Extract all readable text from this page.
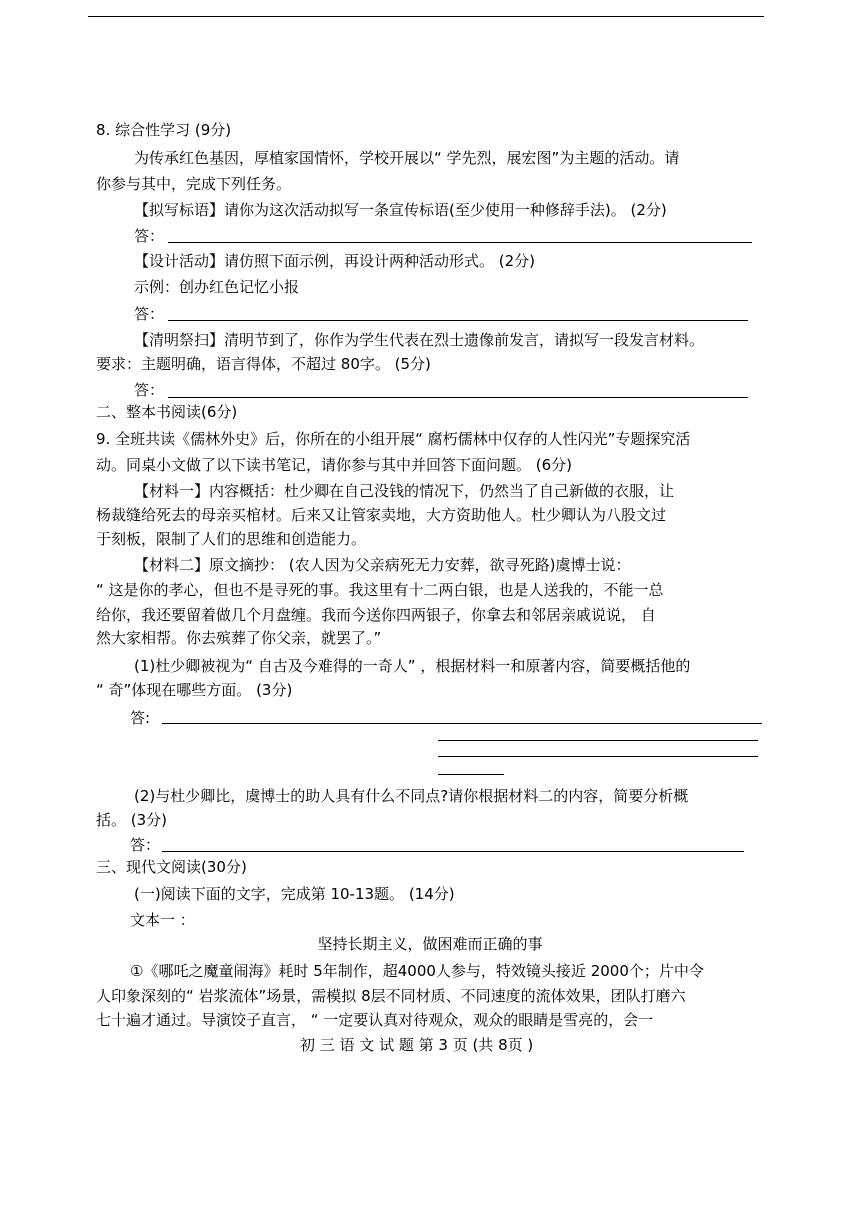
8. 综合性学习 (9分)
为传承红色基因，厚植家国情怀，学校开展以“ 学先烈，展宏图”为主题的活动。请
你参与其中，完成下列任务。
【拟写标语】请你为这次活动拟写一条宣传标语(至少使用一种修辞手法)。 (2分)
答：
【设计活动】请仿照下面示例，再设计两种活动形式。 (2分)
示例：创办红色记忆小报
答：
【清明祭扫】清明节到了，你作为学生代表在烈士遗像前发言，请拟写一段发言材料。
要求：主题明确，语言得体，不超过 80字。 (5分)
答：
二、整本书阅读(6分)
9. 全班共读《儒林外史》后，你所在的小组开展“ 腐朽儒林中仅存的人性闪光”专题探究活
动。同桌小文做了以下读书笔记，请你参与其中并回答下面问题。 (6分)
【材料一】内容概括：杜少卿在自己没钱的情况下，仍然当了自己新做的衣服，让
杨裁缝给死去的母亲买棺材。后来又让管家卖地，大方资助他人。杜少卿认为八股文过
于刻板，限制了人们的思维和创造能力。
【材料二】原文摘抄： (农人因为父亲病死无力安葬，欲寻死路)虞博士说：
“ 这是你的孝心，但也不是寻死的事。我这里有十二两白银，也是人送我的，不能一总
给你，我还要留着做几个月盘缠。我而今送你四两银子，你拿去和邻居亲戚说说， 自
然大家相帮。你去殡葬了你父亲，就罢了。”
(1)杜少卿被视为“ 自古及今难得的一奇人” ，根据材料一和原著内容，简要概括他的
“ 奇”体现在哪些方面。 (3分)
答:
(2)与杜少卿比，虞博士的助人具有什么不同点?请你根据材料二的内容，简要分析概
括。 (3分)
答：
三、现代文阅读(30分)
(一)阅读下面的文字，完成第 10-13题。 (14分)
文本一 ：
坚持长期主义，做困难而正确的事
①《哪吒之魔童闹海》耗时 5年制作，超4000人参与，特效镜头接近 2000个；片中令
人印象深刻的“ 岩浆流体”场景，需模拟 8层不同材质、不同速度的流体效果，团队打磨六
七十遍才通过。导演饺子直言， “ 一定要认真对待观众，观众的眼睛是雪亮的，会一
初 三 语 文 试 题 第 3 页 (共 8页 )
